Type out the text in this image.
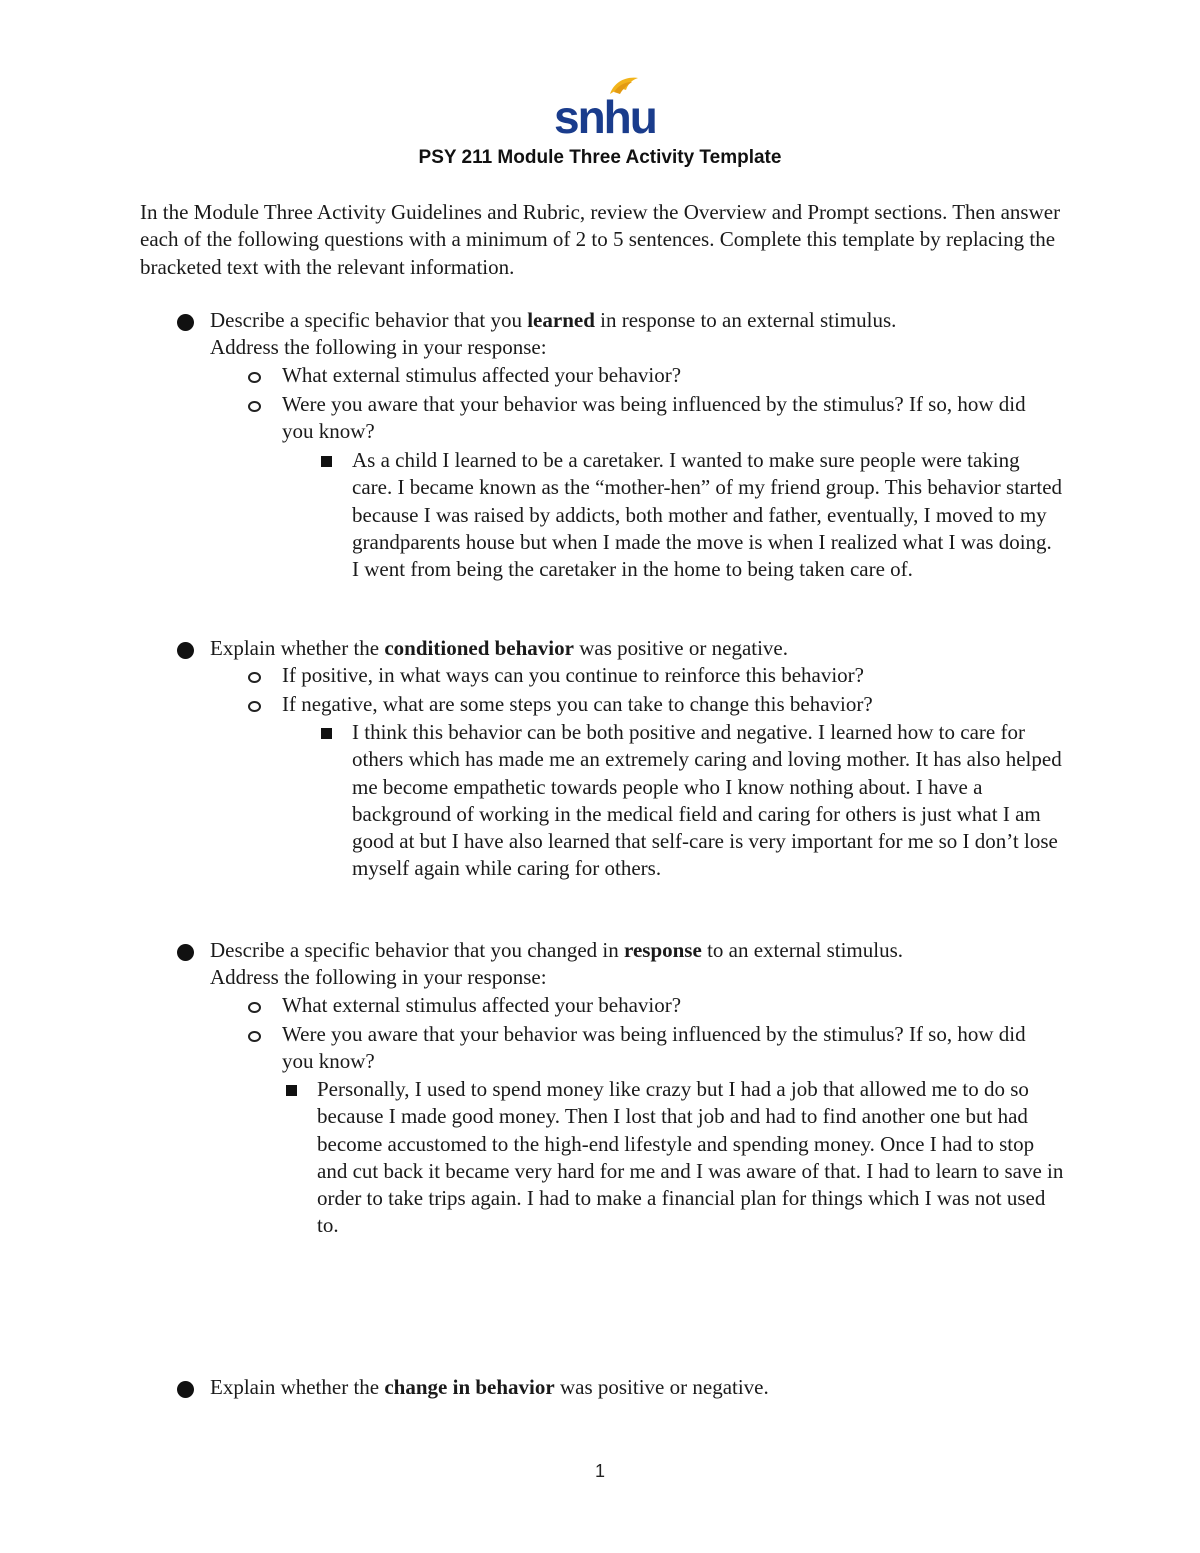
snhu
PSY 211 Module Three Activity Template

In the Module Three Activity Guidelines and Rubric, review the Overview and Prompt sections. Then answer each of the following questions with a minimum of 2 to 5 sentences. Complete this template by replacing the bracketed text with the relevant information.

Describe a specific behavior that you learned in response to an external stimulus.
Address the following in your response:
What external stimulus affected your behavior?
Were you aware that your behavior was being influenced by the stimulus? If so, how did you know?
As a child I learned to be a caretaker. I wanted to make sure people were taking care. I became known as the “mother-hen” of my friend group. This behavior started because I was raised by addicts, both mother and father, eventually, I moved to my grandparents house but when I made the move is when I realized what I was doing. I went from being the caretaker in the home to being taken care of.
Explain whether the conditioned behavior was positive or negative.
If positive, in what ways can you continue to reinforce this behavior?
If negative, what are some steps you can take to change this behavior?
I think this behavior can be both positive and negative. I learned how to care for others which has made me an extremely caring and loving mother. It has also helped me become empathetic towards people who I know nothing about. I have a background of working in the medical field and caring for others is just what I am good at but I have also learned that self-care is very important for me so I don’t lose myself again while caring for others.
Describe a specific behavior that you changed in response to an external stimulus.
Address the following in your response:
What external stimulus affected your behavior?
Were you aware that your behavior was being influenced by the stimulus? If so, how did you know?
Personally, I used to spend money like crazy but I had a job that allowed me to do so because I made good money. Then I lost that job and had to find another one but had become accustomed to the high-end lifestyle and spending money. Once I had to stop and cut back it became very hard for me and I was aware of that. I had to learn to save in order to take trips again. I had to make a financial plan for things which I was not used to.
Explain whether the change in behavior was positive or negative.
1
